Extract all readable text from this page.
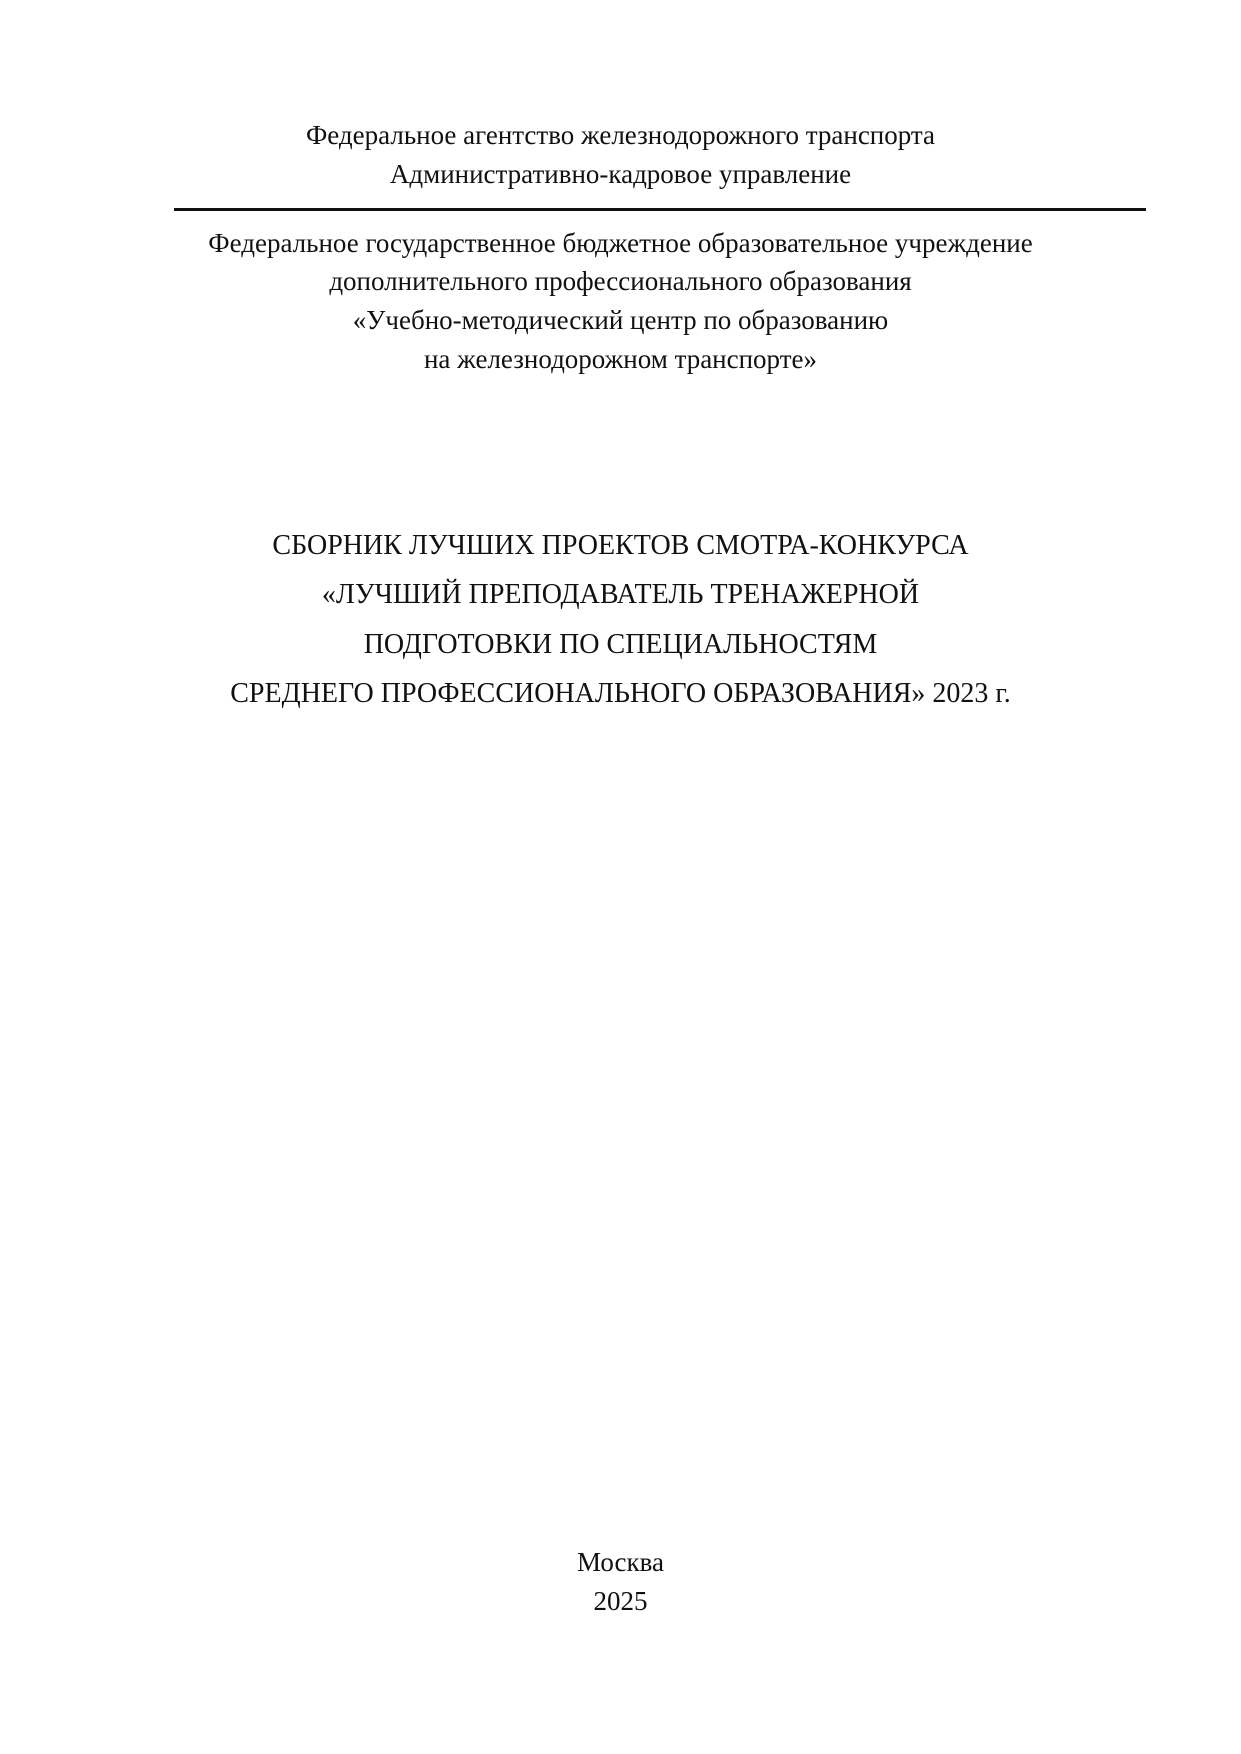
Федеральное агентство железнодорожного транспорта
Административно-кадровое управление
Федеральное государственное бюджетное образовательное учреждение
дополнительного профессионального образования
«Учебно-методический центр по образованию
на железнодорожном транспорте»
СБОРНИК ЛУЧШИХ ПРОЕКТОВ СМОТРА-КОНКУРСА
«ЛУЧШИЙ ПРЕПОДАВАТЕЛЬ ТРЕНАЖЕРНОЙ
ПОДГОТОВКИ ПО СПЕЦИАЛЬНОСТЯМ
СРЕДНЕГО ПРОФЕССИОНАЛЬНОГО ОБРАЗОВАНИЯ» 2023 г.
Москва
2025
